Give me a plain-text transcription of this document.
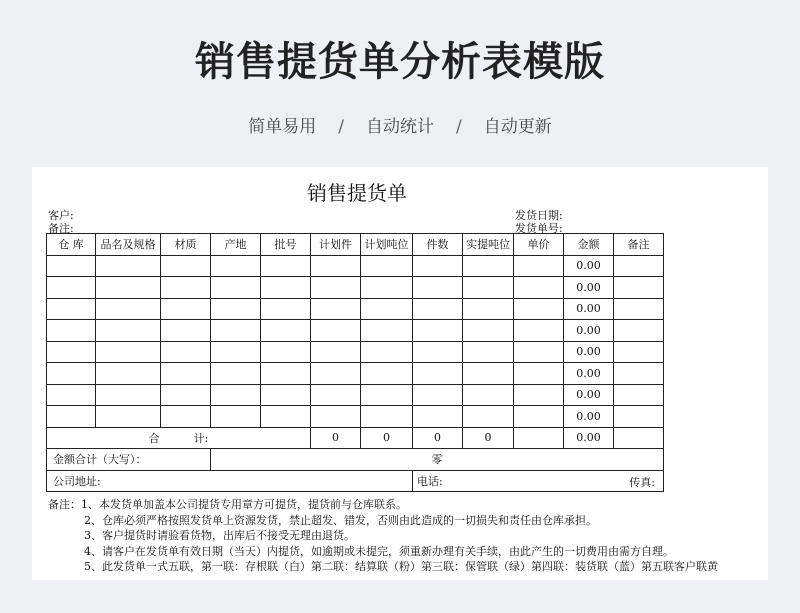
销售提货单分析表模版
简单易用 / 自动统计 / 自动更新
销售提货单
客户:
备注:
发货日期:
发货单号:
仓 库	品名及规格	材质	产地	批号	计划件	计划吨位	件数	实提吨位	单价	金额	备注
										0.00	
										0.00	
										0.00	
										0.00	
										0.00	
										0.00	
										0.00	
										0.00	
合 计:					0	0	0	0		0.00	
金额合计（大写）：			零								
公司地址:							电话: 传真:				
备注：1、本发货单加盖本公司提货专用章方可提货，提货前与仓库联系。
2、仓库必须严格按照发货单上资源发货，禁止超发、错发，否则由此造成的一切损失和责任由仓库承担。
3、客户提货时请验看货物，出库后不接受无理由退货。
4、请客户在发货单有效日期（当天）内提货，如逾期或未提完，须重新办理有关手续，由此产生的一切费用由需方自理。
5、此发货单一式五联，第一联：存根联（白）第二联：结算联（粉）第三联：保管联（绿）第四联：装货联（蓝）第五联客户联黄
